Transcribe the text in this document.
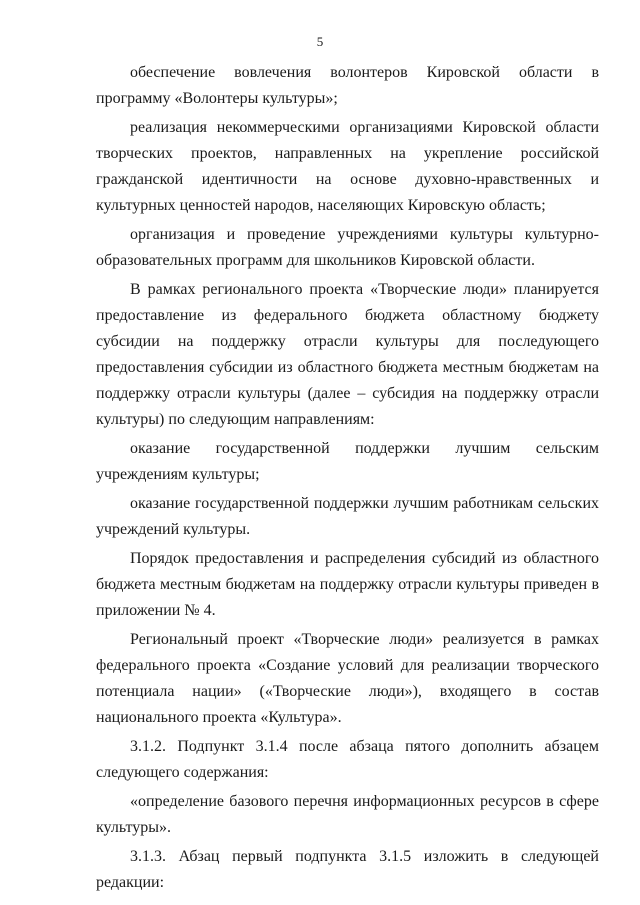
5

обеспечение вовлечения волонтеров Кировской области в программу «Волонтеры культуры»;

реализация некоммерческими организациями Кировской области творческих проектов, направленных на укрепление российской гражданской идентичности на основе духовно-нравственных и культурных ценностей народов, населяющих Кировскую область;

организация и проведение учреждениями культуры культурно-образовательных программ для школьников Кировской области.

В рамках регионального проекта «Творческие люди» планируется предоставление из федерального бюджета областному бюджету субсидии на поддержку отрасли культуры для последующего предоставления субсидии из областного бюджета местным бюджетам на поддержку отрасли культуры (далее – субсидия на поддержку отрасли культуры) по следующим направлениям:

оказание государственной поддержки лучшим сельским учреждениям культуры;

оказание государственной поддержки лучшим работникам сельских учреждений культуры.

Порядок предоставления и распределения субсидий из областного бюджета местным бюджетам на поддержку отрасли культуры приведен в приложении № 4.

Региональный проект «Творческие люди» реализуется в рамках федерального проекта «Создание условий для реализации творческого потенциала нации» («Творческие люди»), входящего в состав национального проекта «Культура».

3.1.2. Подпункт 3.1.4 после абзаца пятого дополнить абзацем следующего содержания:

«определение базового перечня информационных ресурсов в сфере культуры».

3.1.3. Абзац первый подпункта 3.1.5 изложить в следующей редакции:
